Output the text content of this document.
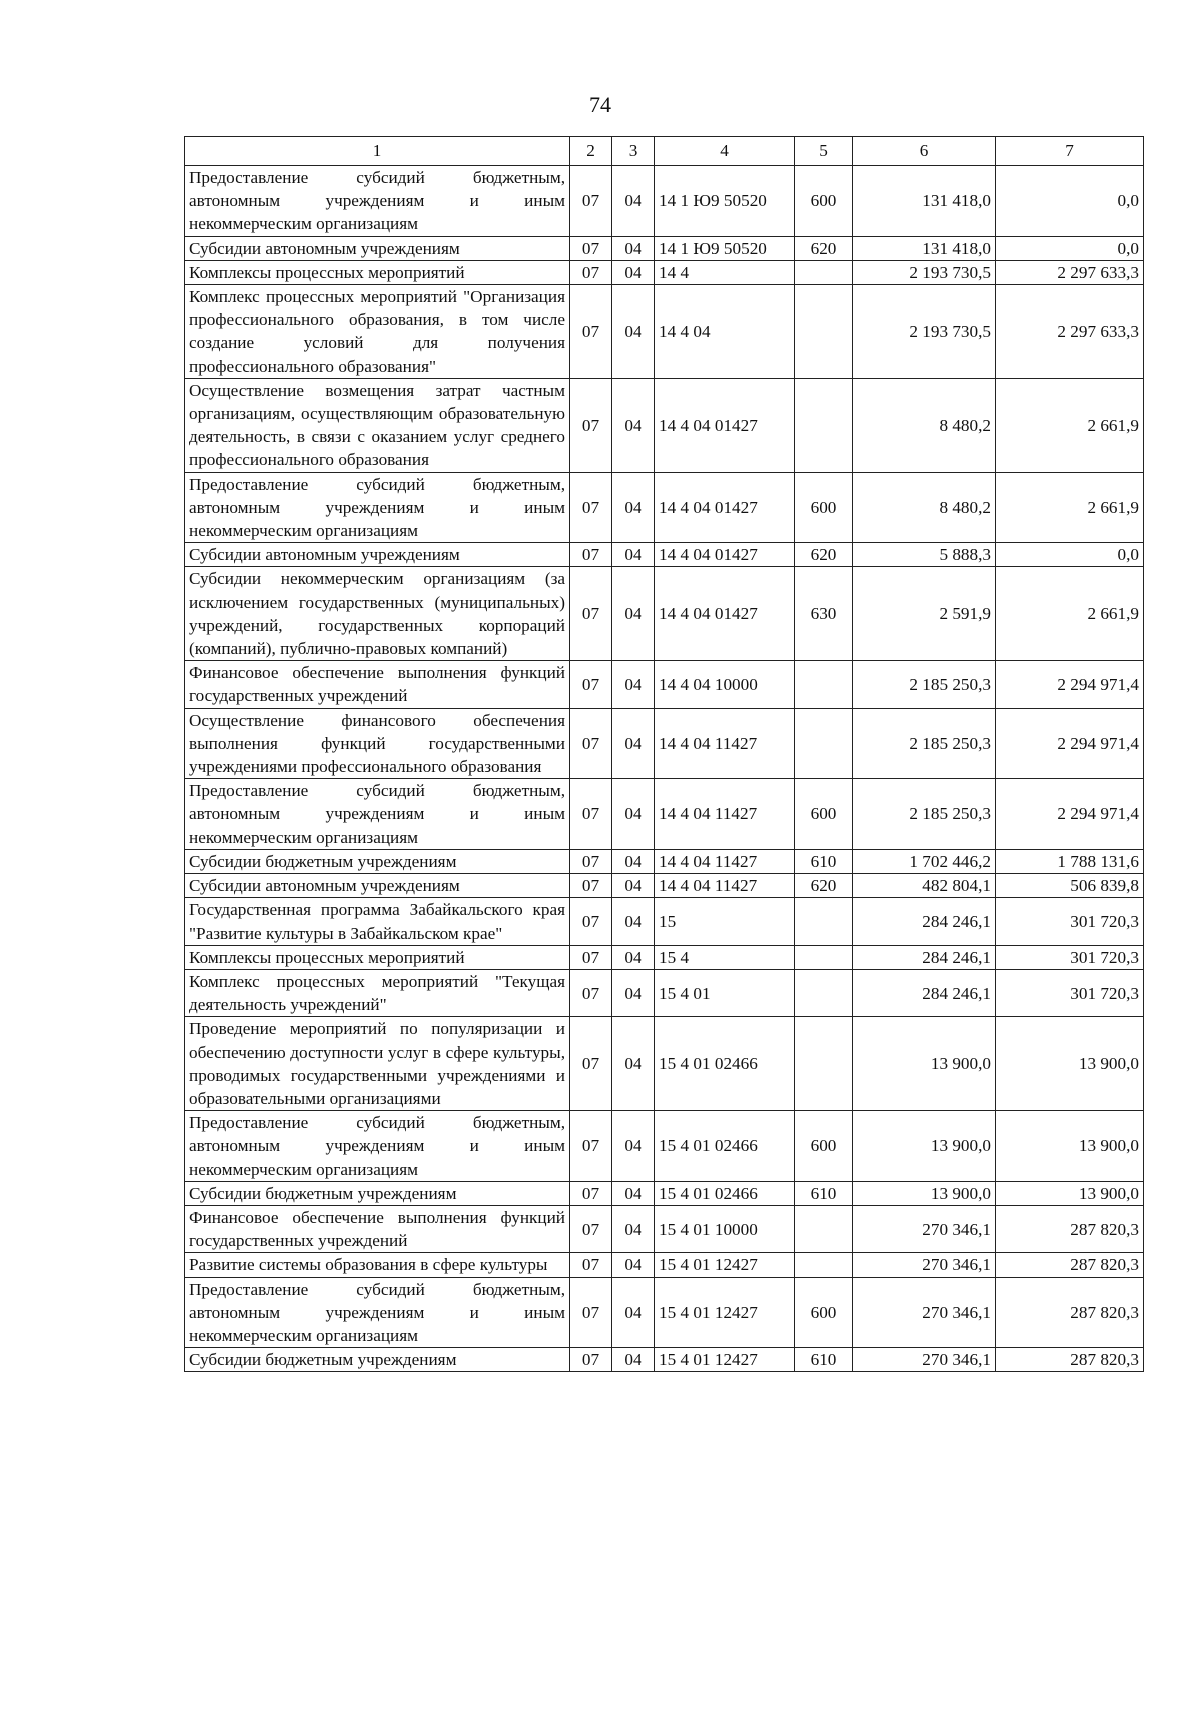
74
1	2	3	4	5	6	7
Предоставление субсидий бюджетным, автономным учреждениям и иным некоммерческим организациям	07	04	14 1 Ю9 50520	600	131 418,0	0,0
Субсидии автономным учреждениям	07	04	14 1 Ю9 50520	620	131 418,0	0,0
Комплексы процессных мероприятий	07	04	14 4		2 193 730,5	2 297 633,3
Комплекс процессных мероприятий "Организация профессионального образования, в том числе создание условий для получения профессионального образования"	07	04	14 4 04		2 193 730,5	2 297 633,3
Осуществление возмещения затрат частным организациям, осуществляющим образовательную деятельность, в связи с оказанием услуг среднего профессионального образования	07	04	14 4 04 01427		8 480,2	2 661,9
Предоставление субсидий бюджетным, автономным учреждениям и иным некоммерческим организациям	07	04	14 4 04 01427	600	8 480,2	2 661,9
Субсидии автономным учреждениям	07	04	14 4 04 01427	620	5 888,3	0,0
Субсидии некоммерческим организациям (за исключением государственных (муниципальных) учреждений, государственных корпораций (компаний), публично-правовых компаний)	07	04	14 4 04 01427	630	2 591,9	2 661,9
Финансовое обеспечение выполнения функций государственных учреждений	07	04	14 4 04 10000		2 185 250,3	2 294 971,4
Осуществление финансового обеспечения выполнения функций государственными учреждениями профессионального образования	07	04	14 4 04 11427		2 185 250,3	2 294 971,4
Предоставление субсидий бюджетным, автономным учреждениям и иным некоммерческим организациям	07	04	14 4 04 11427	600	2 185 250,3	2 294 971,4
Субсидии бюджетным учреждениям	07	04	14 4 04 11427	610	1 702 446,2	1 788 131,6
Субсидии автономным учреждениям	07	04	14 4 04 11427	620	482 804,1	506 839,8
Государственная программа Забайкальского края "Развитие культуры в Забайкальском крае"	07	04	15		284 246,1	301 720,3
Комплексы процессных мероприятий	07	04	15 4		284 246,1	301 720,3
Комплекс процессных мероприятий "Текущая деятельность учреждений"	07	04	15 4 01		284 246,1	301 720,3
Проведение мероприятий по популяризации и обеспечению доступности услуг в сфере культуры, проводимых государственными учреждениями и образовательными организациями	07	04	15 4 01 02466		13 900,0	13 900,0
Предоставление субсидий бюджетным, автономным учреждениям и иным некоммерческим организациям	07	04	15 4 01 02466	600	13 900,0	13 900,0
Субсидии бюджетным учреждениям	07	04	15 4 01 02466	610	13 900,0	13 900,0
Финансовое обеспечение выполнения функций государственных учреждений	07	04	15 4 01 10000		270 346,1	287 820,3
Развитие системы образования в сфере культуры	07	04	15 4 01 12427		270 346,1	287 820,3
Предоставление субсидий бюджетным, автономным учреждениям и иным некоммерческим организациям	07	04	15 4 01 12427	600	270 346,1	287 820,3
Субсидии бюджетным учреждениям	07	04	15 4 01 12427	610	270 346,1	287 820,3
